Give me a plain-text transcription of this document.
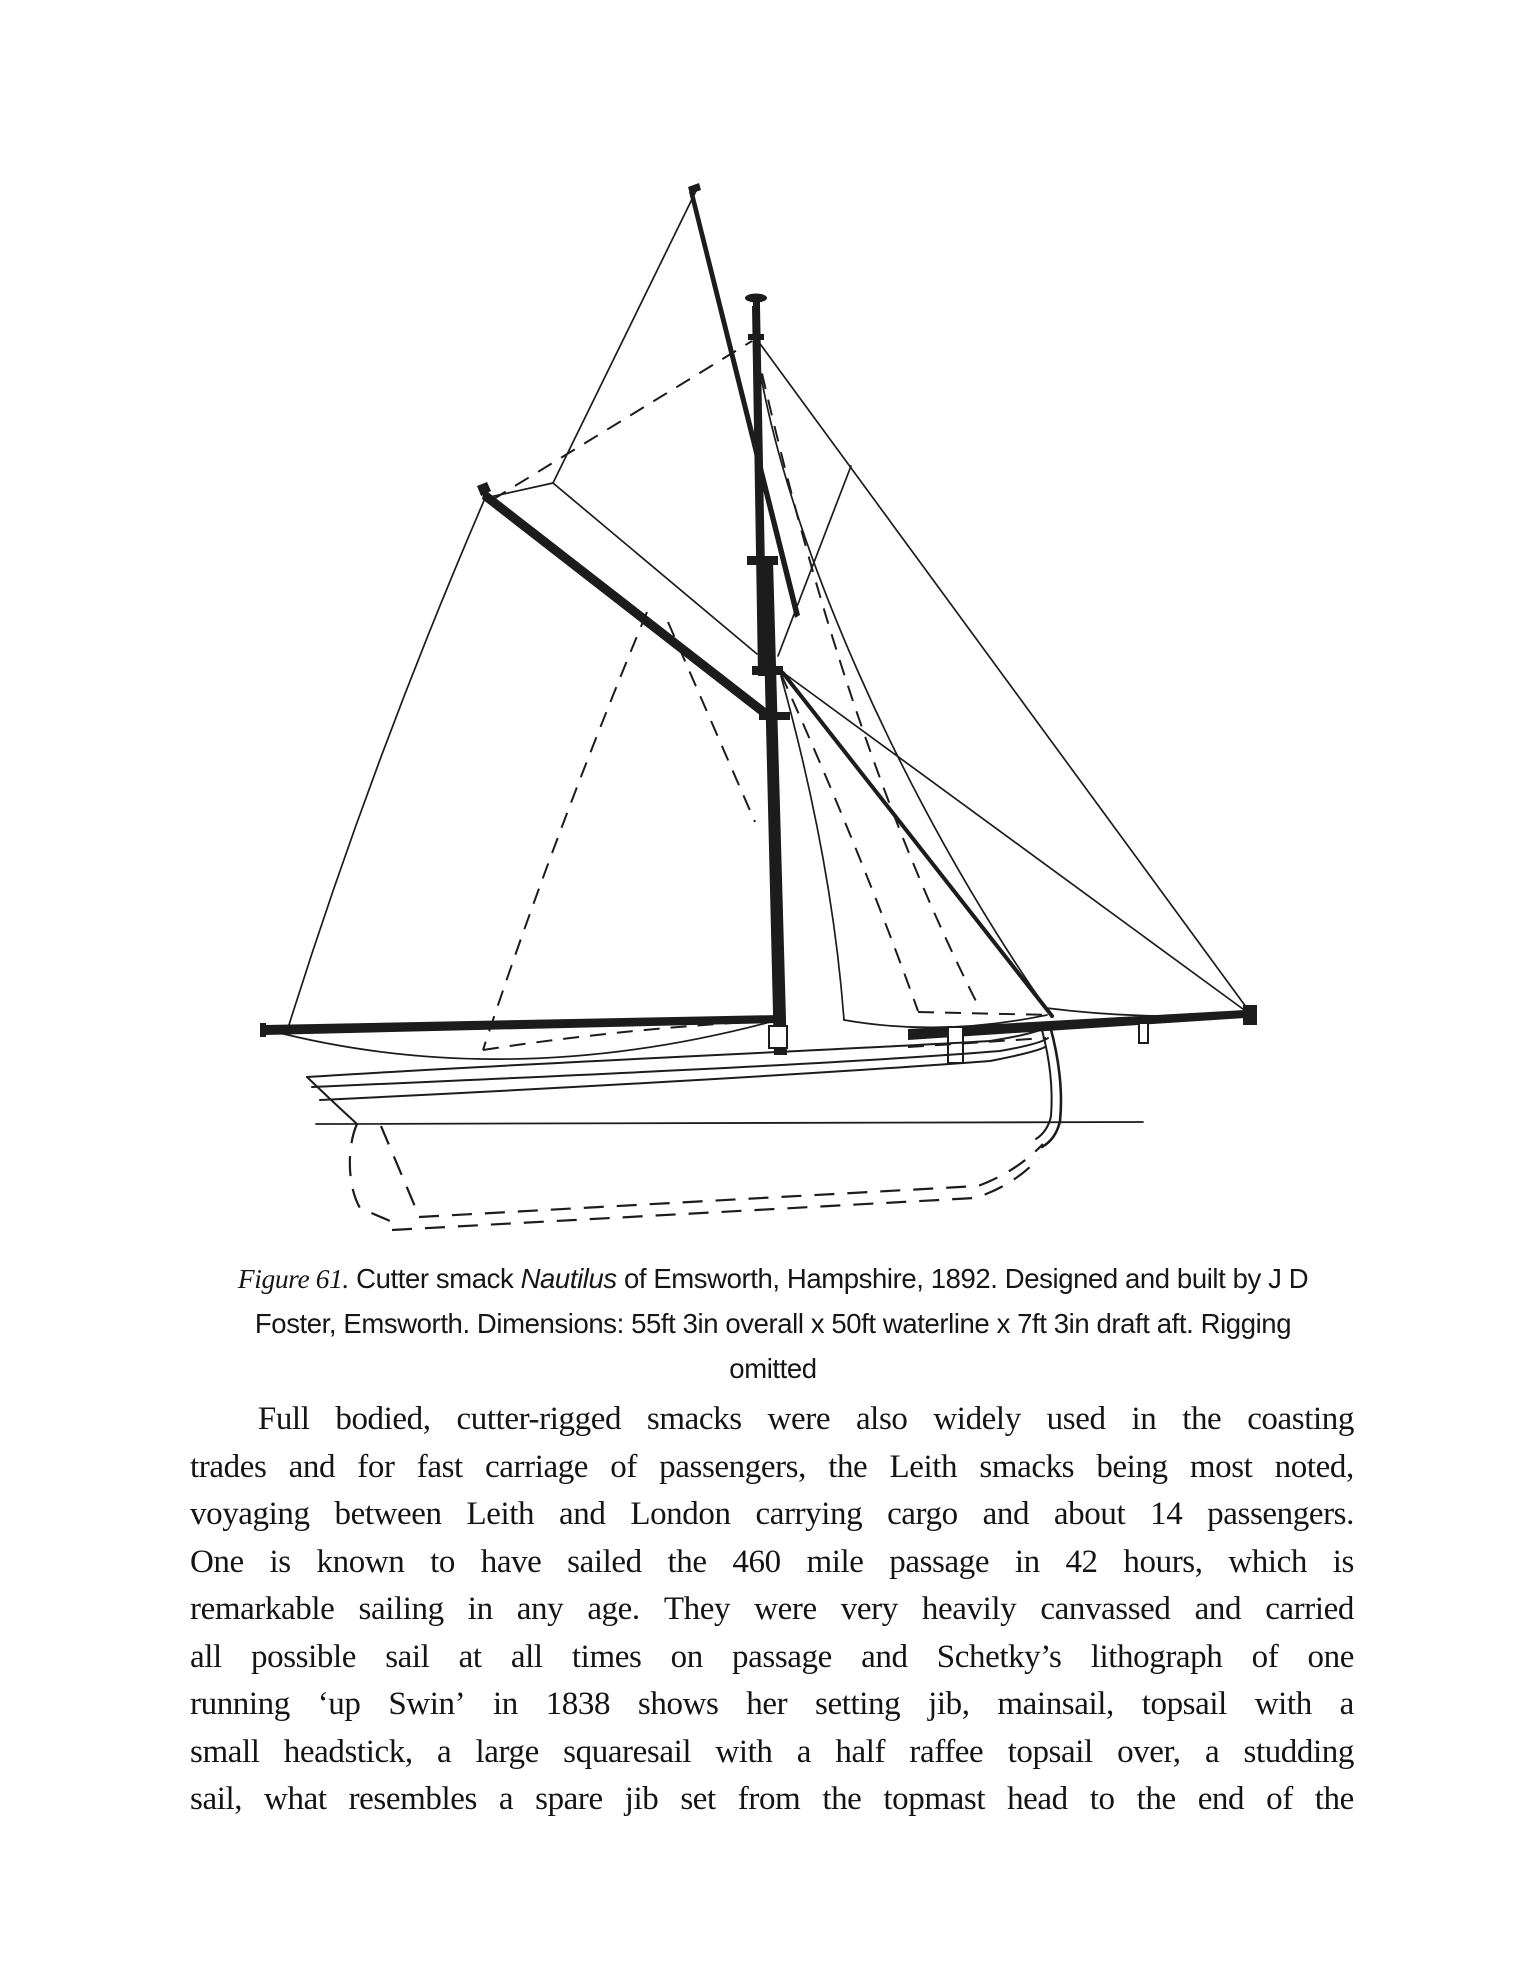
Figure 61. Cutter smack Nautilus of Emsworth, Hampshire, 1892. Designed and built by J D
Foster, Emsworth. Dimensions: 55ft 3in overall x 50ft waterline x 7ft 3in draft aft. Rigging
omitted
Full bodied, cutter-rigged smacks were also widely used in the coasting
trades and for fast carriage of passengers, the Leith smacks being most noted,
voyaging between Leith and London carrying cargo and about 14 passengers.
One is known to have sailed the 460 mile passage in 42 hours, which is
remarkable sailing in any age. They were very heavily canvassed and carried
all possible sail at all times on passage and Schetky’s lithograph of one
running ‘up Swin’ in 1838 shows her setting jib, mainsail, topsail with a
small headstick, a large squaresail with a half raffee topsail over, a studding
sail, what resembles a spare jib set from the topmast head to the end of the
